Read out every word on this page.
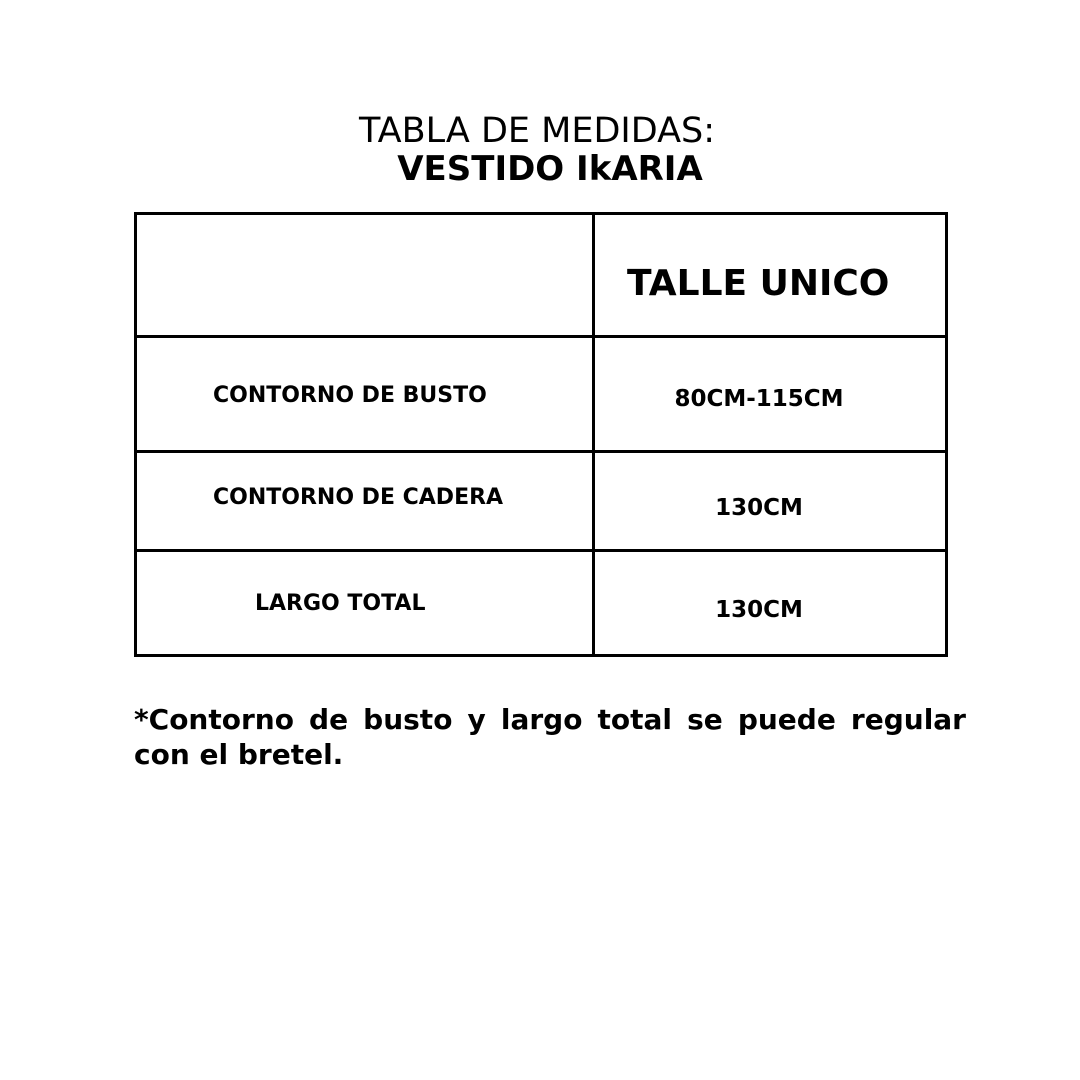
TABLA DE MEDIDAS:
VESTIDO IkARIA

	TALLE UNICO

CONTORNO DE BUSTO	80CM-115CM

CONTORNO DE CADERA	130CM

LARGO TOTAL	130CM
*Contorno de busto y largo total se puede regular con el bretel.
